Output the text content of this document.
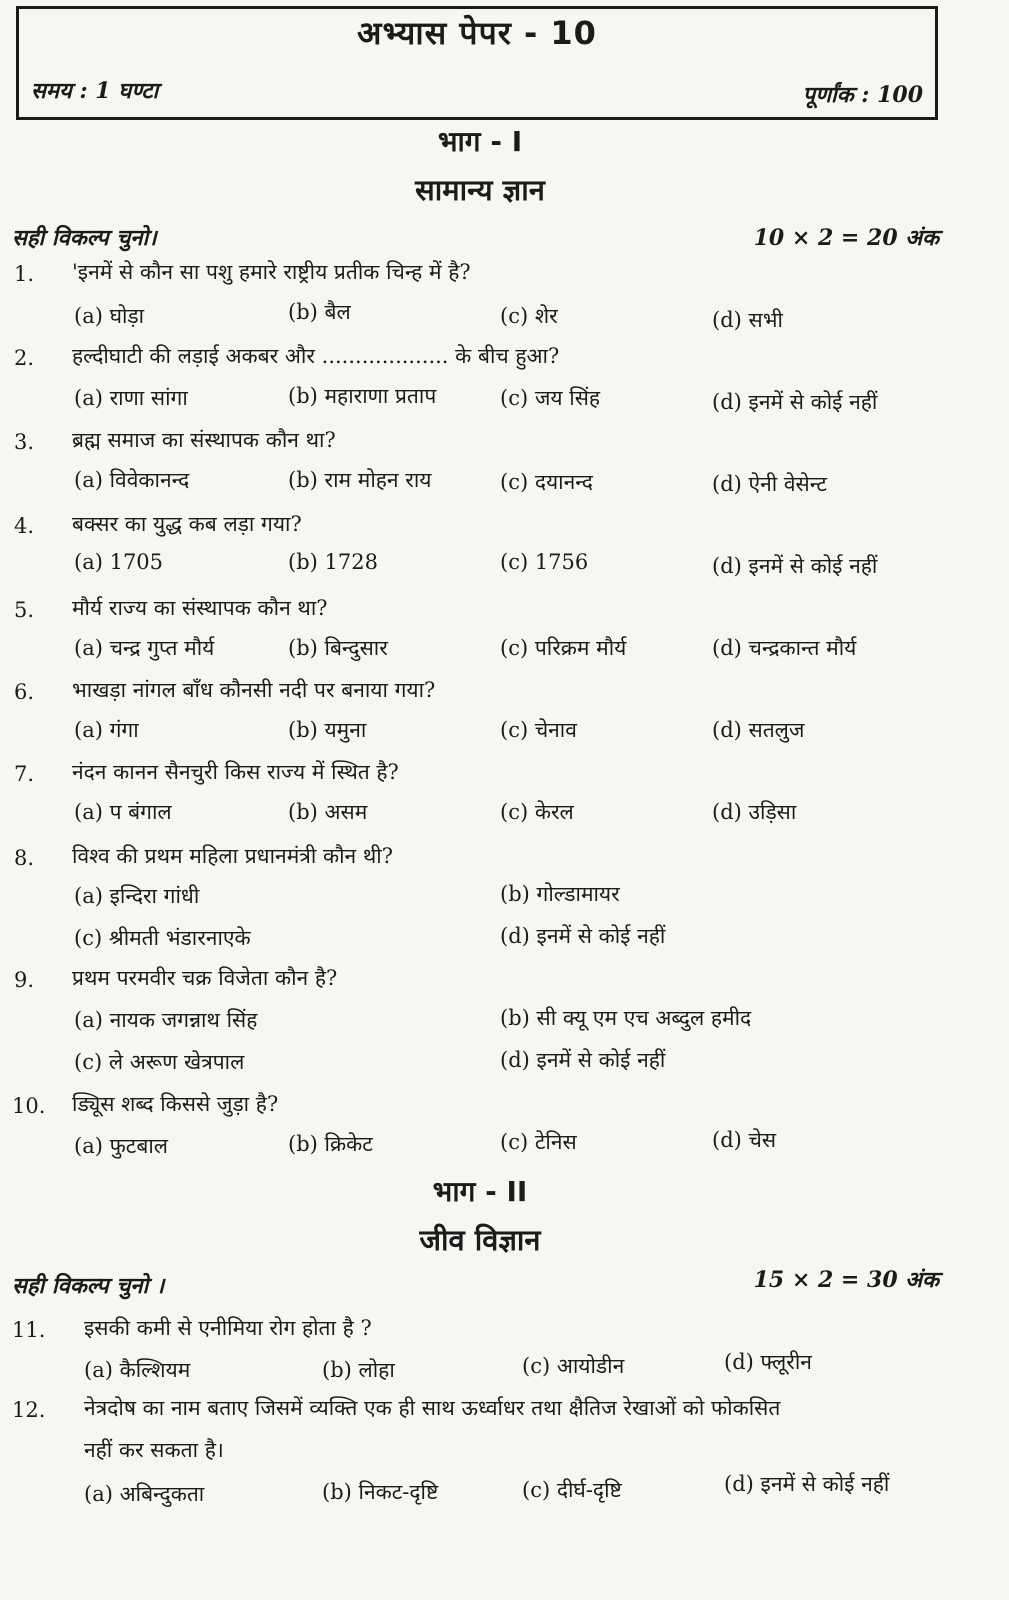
अभ्यास पेपर - 10
समय : 1 घण्टा	पूर्णांक : 100
भाग - I
सामान्य ज्ञान
सही विकल्प चुनो।	10 × 2 = 20 अंक
1. 'इनमें से कौन सा पशु हमारे राष्ट्रीय प्रतीक चिन्ह में है?
(a) घोड़ा	(b) बैल	(c) शेर	(d) सभी
2. हल्दीघाटी की लड़ाई अकबर और ................... के बीच हुआ?
(a) राणा सांगा	(b) महाराणा प्रताप	(c) जय सिंह	(d) इनमें से कोई नहीं
3. ब्रह्म समाज का संस्थापक कौन था?
(a) विवेकानन्द	(b) राम मोहन राय	(c) दयानन्द	(d) ऐनी वेसेन्ट
4. बक्सर का युद्ध कब लड़ा गया?
(a) 1705	(b) 1728	(c) 1756	(d) इनमें से कोई नहीं
5. मौर्य राज्य का संस्थापक कौन था?
(a) चन्द्र गुप्त मौर्य	(b) बिन्दुसार	(c) परिक्रम मौर्य	(d) चन्द्रकान्त मौर्य
6. भाखड़ा नांगल बाँध कौनसी नदी पर बनाया गया?
(a) गंगा	(b) यमुना	(c) चेनाव	(d) सतलुज
7. नंदन कानन सैनचुरी किस राज्य में स्थित है?
(a) प बंगाल	(b) असम	(c) केरल	(d) उड़िसा
8. विश्व की प्रथम महिला प्रधानमंत्री कौन थी?
(a) इन्दिरा गांधी	(b) गोल्डामायर
(c) श्रीमती भंडारनाएके	(d) इनमें से कोई नहीं
9. प्रथम परमवीर चक्र विजेता कौन है?
(a) नायक जगन्नाथ सिंह	(b) सी क्यू एम एच अब्दुल हमीद
(c) ले अरूण खेत्रपाल	(d) इनमें से कोई नहीं
10. ड्यिूस शब्द किससे जुड़ा है?
(a) फुटबाल	(b) क्रिकेट	(c) टेनिस	(d) चेस
भाग - II
जीव विज्ञान
सही विकल्प चुनो ।	15 × 2 = 30 अंक
11. इसकी कमी से एनीमिया रोग होता है ?
(a) कैल्शियम	(b) लोहा	(c) आयोडीन	(d) फ्लूरीन
12. नेत्रदोष का नाम बताए जिसमें व्यक्ति एक ही साथ ऊर्ध्वाधर तथा क्षैतिज रेखाओं को फोकसित
नहीं कर सकता है।
(a) अबिन्दुकता	(b) निकट-दृष्टि	(c) दीर्घ-दृष्टि	(d) इनमें से कोई नहीं
